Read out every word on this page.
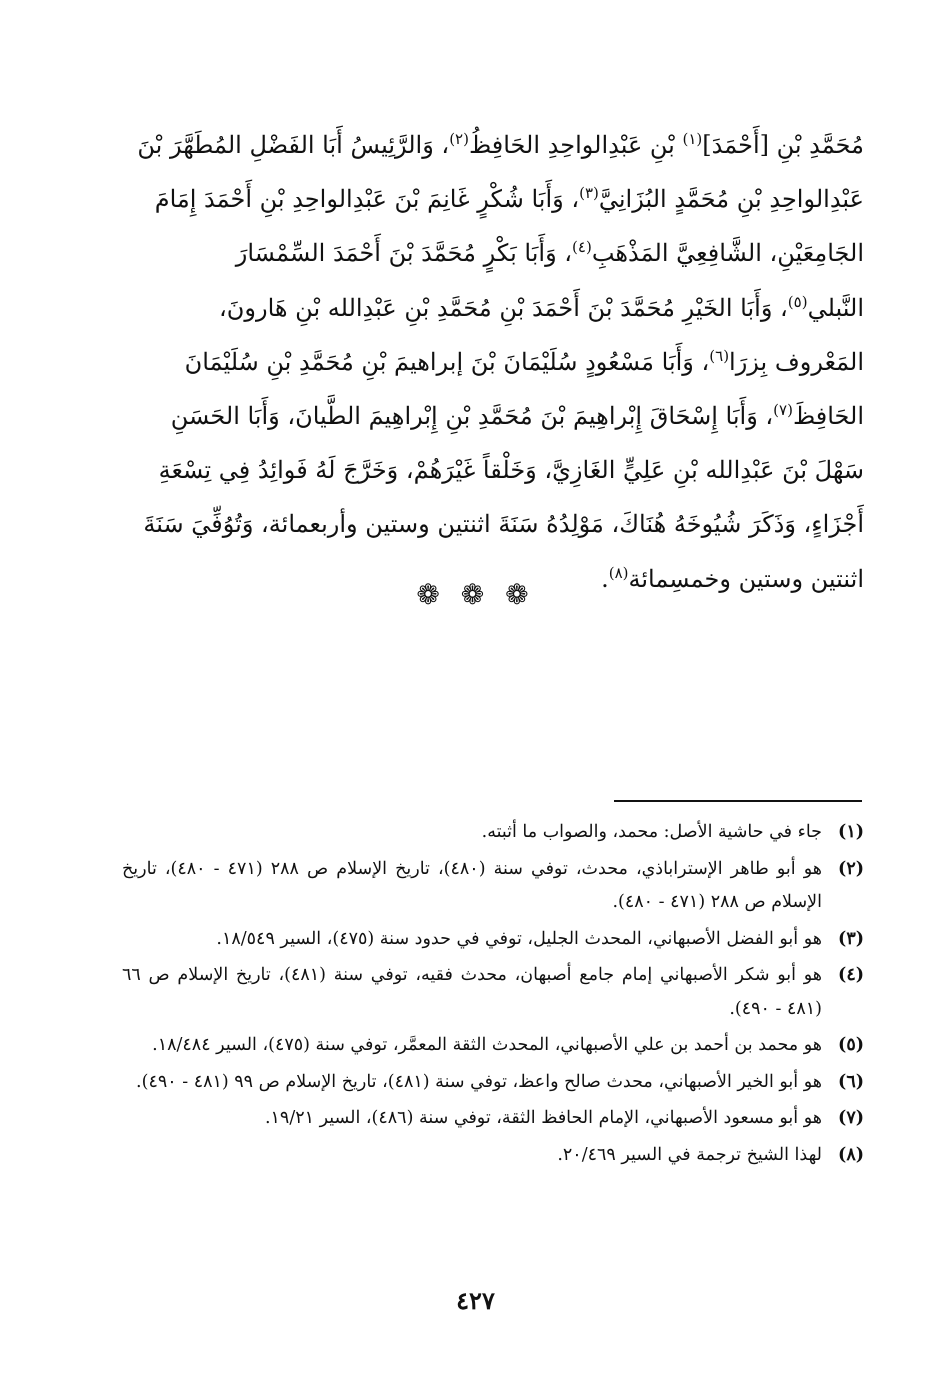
مُحَمَّدِ بْنِ [أَحْمَدَ]$^{(١)}$ بْنِ عَبْدِالواحِدِ الحَافِظُ$^{(٢)}$، وَالرَّئِيسُ أَبَا الفَضْلِ المُطَهَّرَ بْنَ
عَبْدِالواحِدِ بْنِ مُحَمَّدٍ البُزَانِيَّ$^{(٣)}$، وَأَبَا شُكْرٍ غَانِمَ بْنَ عَبْدِالواحِدِ بْنِ أَحْمَدَ إِمَامَ
الجَامِعَيْنِ، الشَّافِعِيَّ المَذْهَبِ$^{(٤)}$، وَأَبَا بَكْرٍ مُحَمَّدَ بْنَ أَحْمَدَ السِّمْسَارَ
النَّبلي$^{(٥)}$، وَأَبَا الخَيْرِ مُحَمَّدَ بْنَ أَحْمَدَ بْنِ مُحَمَّدِ بْنِ عَبْدِالله بْنِ هَارونَ،
المَعْروف بِزرَا$^{(٦)}$، وَأَبَا مَسْعُودٍ سُلَيْمَانَ بْنَ إبراهيمَ بْنِ مُحَمَّدِ بْنِ سُلَيْمَانَ
الحَافِظَ$^{(٧)}$، وَأَبَا إِسْحَاقَ إِبْراهِيمَ بْنَ مُحَمَّدِ بْنِ إِبْراهِيمَ الطَّيانَ، وَأَبَا الحَسَنِ
سَهْلَ بْنَ عَبْدِالله بْنِ عَلِيٍّ الغَازِيَّ، وَخَلْقاً غَيْرَهُمْ، وَخَرَّجَ لَهُ فَوائِدُ فِي تِسْعَةِ
أَجْزَاءٍ، وَذَكَرَ شُيُوخَهُ هُنَاكَ، مَوْلِدُهُ سَنَةَ اثنتين وستين وأربعمائة، وَتُوُفِّيَ سَنَةَ
اثنتين وستين وخمسِمائة$^{(٨)}$.
❁ ❁ ❁
(١)
جاء في حاشية الأصل: محمد، والصواب ما أثبته.
(٢)
هو أبو طاهر الإستراباذي، محدث، توفي سنة (٤٨٠)، تاريخ الإسلام ص ٢٨٨ (٤٧١ - ٤٨٠)، تاريخ الإسلام ص ٢٨٨ (٤٧١ - ٤٨٠).
(٣)
هو أبو الفضل الأصبهاني، المحدث الجليل، توفي في حدود سنة (٤٧٥)، السير ١٨/٥٤٩.
(٤)
هو أبو شكر الأصبهاني إمام جامع أصبهان، محدث فقيه، توفي سنة (٤٨١)، تاريخ الإسلام ص ٦٦ (٤٨١ - ٤٩٠).
(٥)
هو محمد بن أحمد بن علي الأصبهاني، المحدث الثقة المعمَّر، توفي سنة (٤٧٥)، السير ١٨/٤٨٤.
(٦)
هو أبو الخير الأصبهاني، محدث صالح واعظ، توفي سنة (٤٨١)، تاريخ الإسلام ص ٩٩ (٤٨١ - ٤٩٠).
(٧)
هو أبو مسعود الأصبهاني، الإمام الحافظ الثقة، توفي سنة (٤٨٦)، السير ١٩/٢١.
(٨)
لهذا الشيخ ترجمة في السير ٢٠/٤٦٩.
٤٢٧
